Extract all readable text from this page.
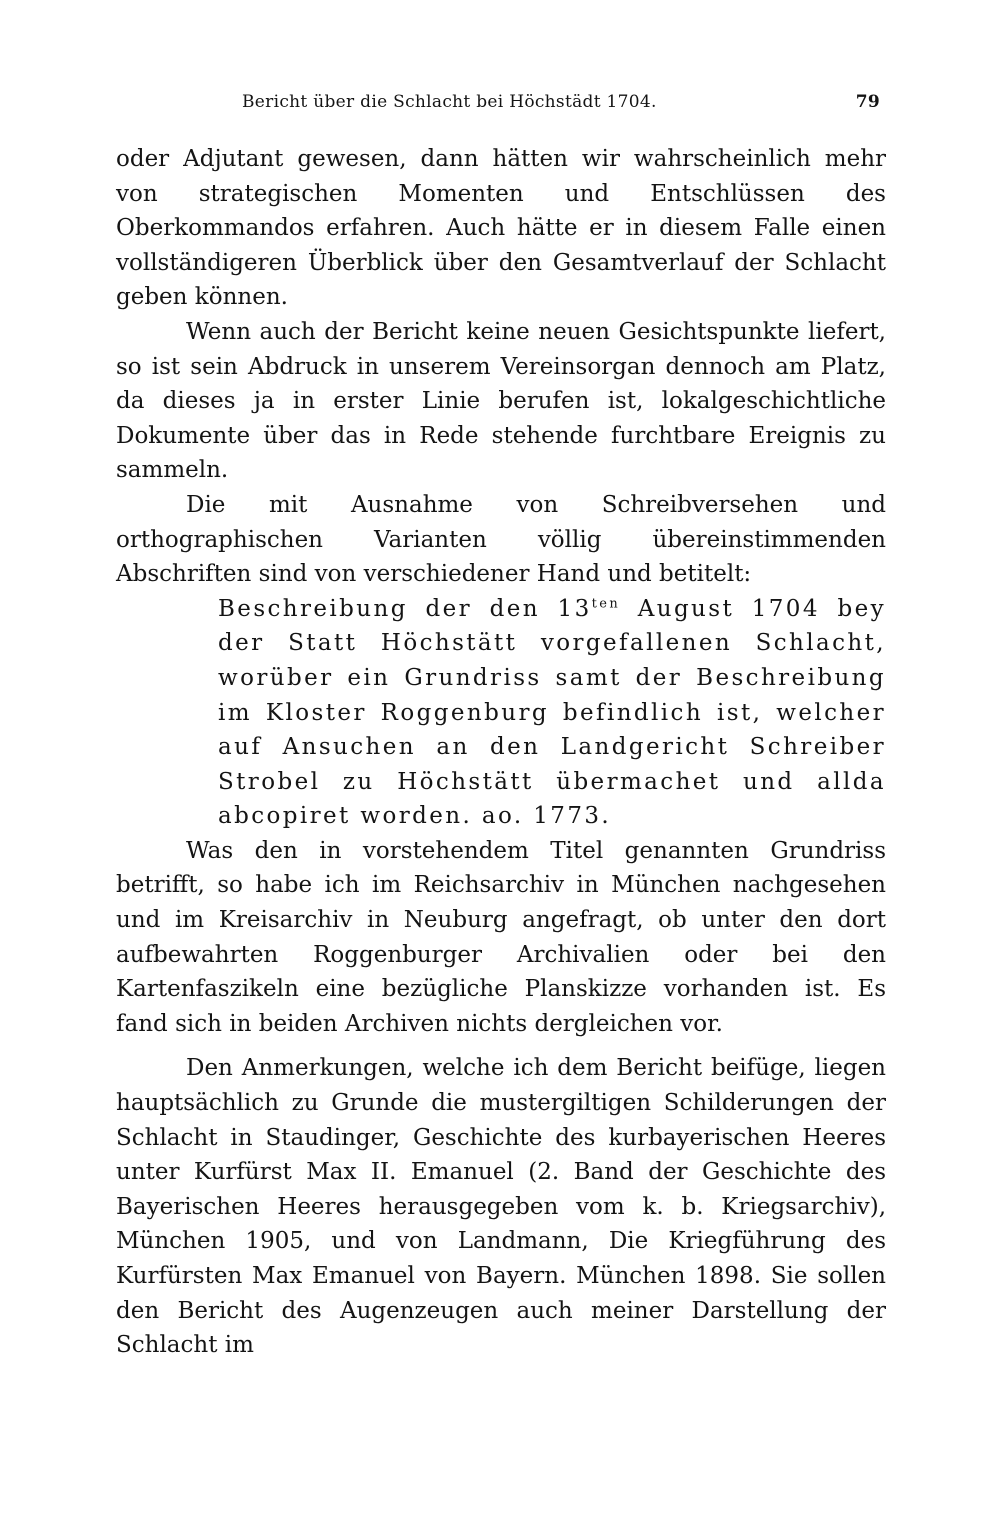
Bericht über die Schlacht bei Höchstädt 1704.	79

oder Adjutant gewesen, dann hätten wir wahrscheinlich mehr von strategischen Momenten und Entschlüssen des Oberkommandos erfahren. Auch hätte er in diesem Falle einen vollständigeren Überblick über den Gesamtverlauf der Schlacht geben können.

Wenn auch der Bericht keine neuen Gesichtspunkte liefert, so ist sein Abdruck in unserem Vereinsorgan dennoch am Platz, da dieses ja in erster Linie berufen ist, lokalgeschichtliche Dokumente über das in Rede stehende furchtbare Ereignis zu sammeln.

Die mit Ausnahme von Schreibversehen und orthographischen Varianten völlig übereinstimmenden Abschriften sind von verschiedener Hand und betitelt:

Beschreibung der den $13^{ten}$ August 1704 bey der Statt Höchstätt vorgefallenen Schlacht, worüber ein Grundriss samt der Beschreibung im Kloster Roggenburg befindlich ist, welcher auf Ansuchen an den Landgericht Schreiber Strobel zu Höchstätt übermachet und allda abcopiret worden. ao. 1773.

Was den in vorstehendem Titel genannten Grundriss betrifft, so habe ich im Reichsarchiv in München nachgesehen und im Kreisarchiv in Neuburg angefragt, ob unter den dort aufbewahrten Roggenburger Archivalien oder bei den Kartenfaszikeln eine bezügliche Planskizze vorhanden ist. Es fand sich in beiden Archiven nichts dergleichen vor.

Den Anmerkungen, welche ich dem Bericht beifüge, liegen hauptsächlich zu Grunde die mustergiltigen Schilderungen der Schlacht in Staudinger, Geschichte des kurbayerischen Heeres unter Kurfürst Max II. Emanuel (2. Band der Geschichte des Bayerischen Heeres herausgegeben vom k. b. Kriegsarchiv), München 1905, und von Landmann, Die Kriegführung des Kurfürsten Max Emanuel von Bayern. München 1898. Sie sollen den Bericht des Augenzeugen auch meiner Darstellung der Schlacht im
